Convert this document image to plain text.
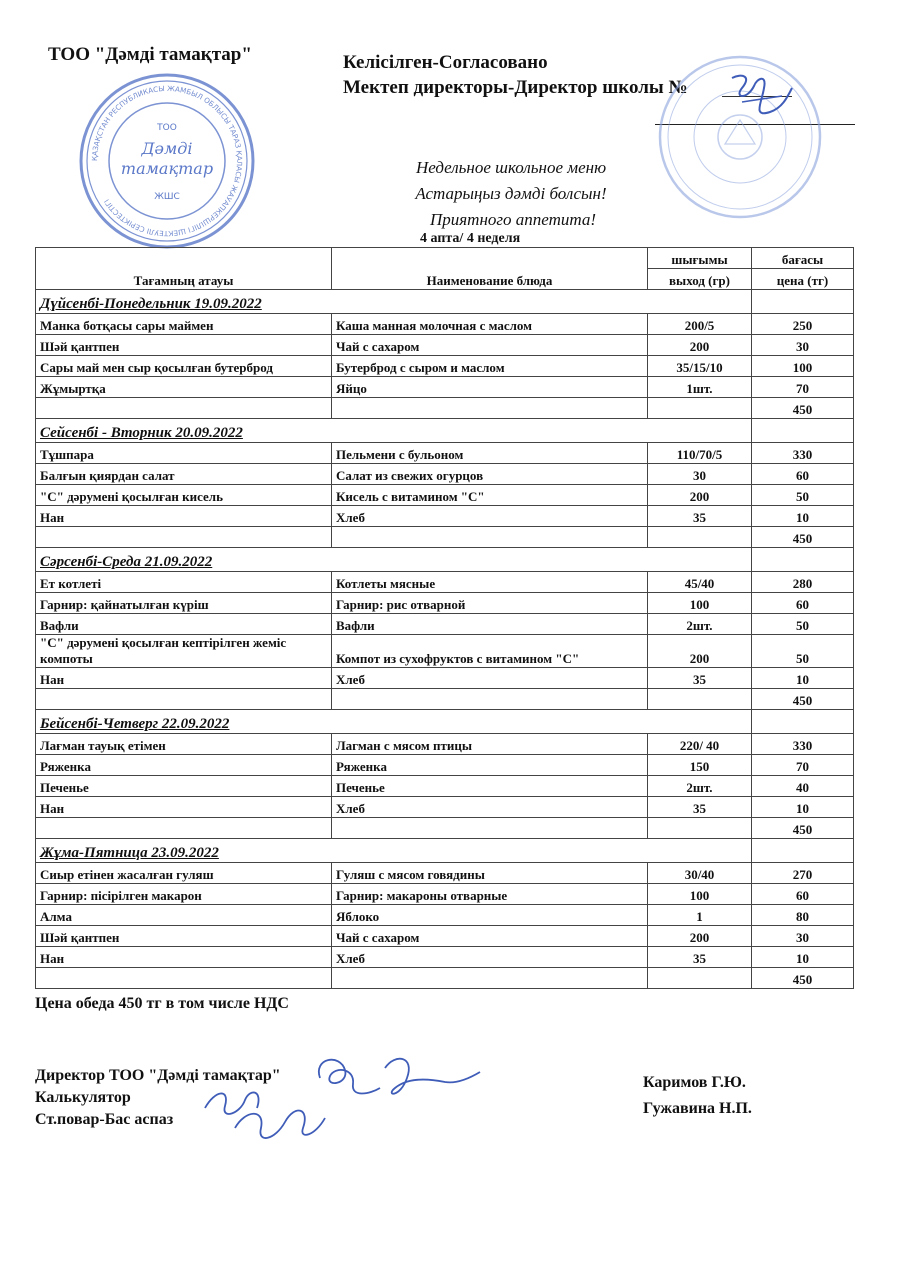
ТОО "Дәмді тамақтар"	Келісілген-Согласовано
Мектеп директоры-Директор школы №
ҚАЗАҚСТАН РЕСПУБЛИКАСЫ ЖАМБЫЛ ОБЛЫСЫ ТАРАЗ ҚАЛАСЫ ЖАУАПКЕРШІЛІГІ ШЕКТЕУЛІ СЕРІКТЕСТІГІ
ТОО
Дәмді
тамақтар
ЖШС
Недельное школьное меню
Астарыңыз дәмді болсын!
Приятного аппетита!
4 апта/ 4 неделя
Тағамның атауы	Наименование блюда	шығымы	бағасы
		выход (гр)	цена (тг)
Дүйсенбі-Понедельник 19.09.2022			
Манка ботқасы сары маймен	Каша манная молочная с маслом	200/5	250
Шәй қантпен	Чай с сахаром	200	30
Сары май мен сыр қосылған бутерброд	Бутерброд с сыром и маслом	35/15/10	100
Жұмыртқа	Яйцо	1шт.	70
			450
Сейсенбі - Вторник 20.09.2022			
Тұшпара	Пельмени с бульоном	110/70/5	330
Балғын қиярдан салат	Салат из свежих огурцов	30	60
"С" дәрумені қосылған кисель	Кисель с витамином "С"	200	50
Нан	Хлеб	35	10
			450
Сәрсенбі-Среда 21.09.2022			
Ет котлеті	Котлеты мясные	45/40	280
Гарнир: қайнатылған күріш	Гарнир: рис отварной	100	60
Вафли	Вафли	2шт.	50
"С" дәрумені қосылған кептірілген жеміс компоты	Компот из сухофруктов с витамином "С"	200	50
Нан	Хлеб	35	10
			450
Бейсенбі-Четверг 22.09.2022			
Лағман тауық етімен	Лагман с мясом птицы	220/ 40	330
Ряженка	Ряженка	150	70
Печенье	Печенье	2шт.	40
Нан	Хлеб	35	10
			450
Жұма-Пятница 23.09.2022			
Сиыр етінен жасалған гуляш	Гуляш с мясом говядины	30/40	270
Гарнир: пісірілген макарон	Гарнир: макароны отварные	100	60
Алма	Яблоко	1	80
Шәй қантпен	Чай с сахаром	200	30
Нан	Хлеб	35	10
			450
Цена обеда 450 тг в том числе НДС
Директор ТОО "Дәмді тамақтар"
Калькулятор
Ст.повар-Бас аспаз
Каримов Г.Ю.
Гужавина Н.П.
